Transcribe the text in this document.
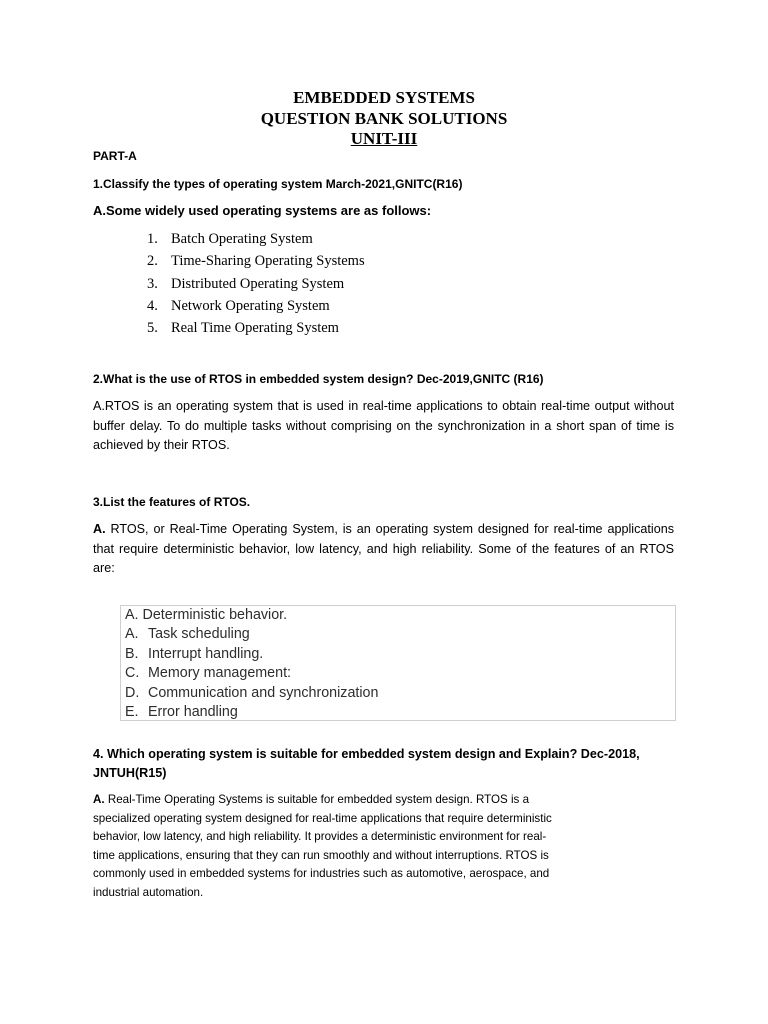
EMBEDDED SYSTEMS
QUESTION BANK SOLUTIONS
UNIT-III
PART-A
1.Classify the types of operating system March-2021,GNITC(R16)
A.Some widely used operating systems are as follows:
1. Batch Operating System
2. Time-Sharing Operating Systems
3. Distributed Operating System
4. Network Operating System
5. Real Time Operating System
2.What is the use of RTOS in embedded system design? Dec-2019,GNITC (R16)
A.RTOS is an operating system that is used in real-time applications to obtain real-time output without buffer delay. To do multiple tasks without comprising on the synchronization in a short span of time is achieved by their RTOS.
3.List the features of RTOS.
A. RTOS, or Real-Time Operating System, is an operating system designed for real-time applications that require deterministic behavior, low latency, and high reliability. Some of the features of an RTOS are:
A. Deterministic behavior.
A. Task scheduling
B. Interrupt handling.
C. Memory management:
D. Communication and synchronization
E. Error handling
4. Which operating system is suitable for embedded system design and Explain? Dec-2018, JNTUH(R15)
A. Real-Time Operating Systems is suitable for embedded system design. RTOS is a
specialized operating system designed for real-time applications that require deterministic
behavior, low latency, and high reliability. It provides a deterministic environment for real-
time applications, ensuring that they can run smoothly and without interruptions. RTOS is
commonly used in embedded systems for industries such as automotive, aerospace, and
industrial automation.
